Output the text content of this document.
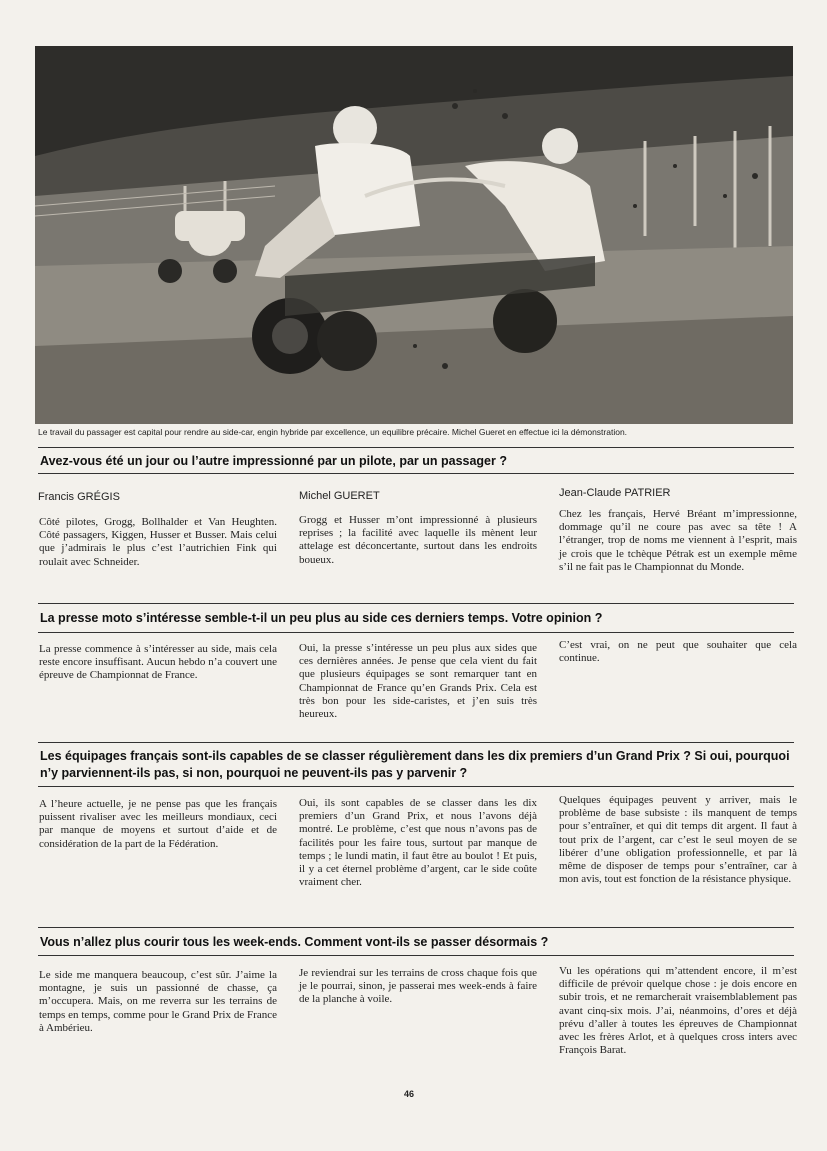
Le travail du passager est capital pour rendre au side-car, engin hybride par excellence, un equilibre précaire. Michel Gueret en effectue ici la démonstration.
Avez-vous été un jour ou l’autre impressionné par un pilote, par un passager ?
Francis GRÉGIS	Michel GUERET	Jean-Claude PATRIER
Côté pilotes, Grogg, Bollhalder et Van Heughten. Côté passagers, Kiggen, Husser et Busser. Mais celui que j’admirais le plus c’est l’autrichien Fink qui roulait avec Schneider.
Grogg et Husser m’ont impressionné à plusieurs reprises ; la facilité avec laquelle ils mènent leur attelage est déconcertante, surtout dans les endroits boueux.
Chez les français, Hervé Bréant m’impressionne, dommage qu’il ne coure pas avec sa tête ! A l’étranger, trop de noms me viennent à l’esprit, mais je crois que le tchèque Pétrak est un exemple même s’il ne fait pas le Championnat du Monde.
La presse moto s’intéresse semble-t-il un peu plus au side ces derniers temps. Votre opinion ?
La presse commence à s’intéresser au side, mais cela reste encore insuffisant. Aucun hebdo n’a couvert une épreuve de Championnat de France.
Oui, la presse s’intéresse un peu plus aux sides que ces dernières années. Je pense que cela vient du fait que plusieurs équipages se sont remarquer tant en Championnat de France qu’en Grands Prix. Cela est très bon pour les side-caristes, et j’en suis très heureux.
C’est vrai, on ne peut que souhaiter que cela continue.
Les équipages français sont-ils capables de se classer régulièrement dans les dix premiers d’un Grand Prix ? Si oui, pourquoi n’y parviennent-ils pas, si non, pourquoi ne peuvent-ils pas y parvenir ?
A l’heure actuelle, je ne pense pas que les français puissent rivaliser avec les meilleurs mondiaux, ceci par manque de moyens et surtout d’aide et de considération de la part de la Fédération.
Oui, ils sont capables de se classer dans les dix premiers d’un Grand Prix, et nous l’avons déjà montré. Le problème, c’est que nous n’avons pas de facilités pour les faire tous, surtout par manque de temps ; le lundi matin, il faut être au boulot ! Et puis, il y a cet éternel problème d’argent, car le side coûte vraiment cher.
Quelques équipages peuvent y arriver, mais le problème de base subsiste : ils manquent de temps pour s’entraîner, et qui dit temps dit argent. Il faut à tout prix de l’argent, car c’est le seul moyen de se libérer d’une obligation professionnelle, et par là même de disposer de temps pour s’entraîner, car à mon avis, tout est fonction de la résistance physique.
Vous n’allez plus courir tous les week-ends. Comment vont-ils se passer désormais ?
Le side me manquera beaucoup, c’est sûr. J’aime la montagne, je suis un passionné de chasse, ça m’occupera. Mais, on me reverra sur les terrains de temps en temps, comme pour le Grand Prix de France à Ambérieu.
Je reviendrai sur les terrains de cross chaque fois que je le pourrai, sinon, je passerai mes week-ends à faire de la planche à voile.
Vu les opérations qui m’attendent encore, il m’est difficile de prévoir quelque chose : je dois encore en subir trois, et ne remarcherait vraisemblablement pas avant cinq-six mois. J’ai, néanmoins, d’ores et déjà prévu d’aller à toutes les épreuves de Championnat avec les frères Arlot, et à quelques cross inters avec François Barat.
46
